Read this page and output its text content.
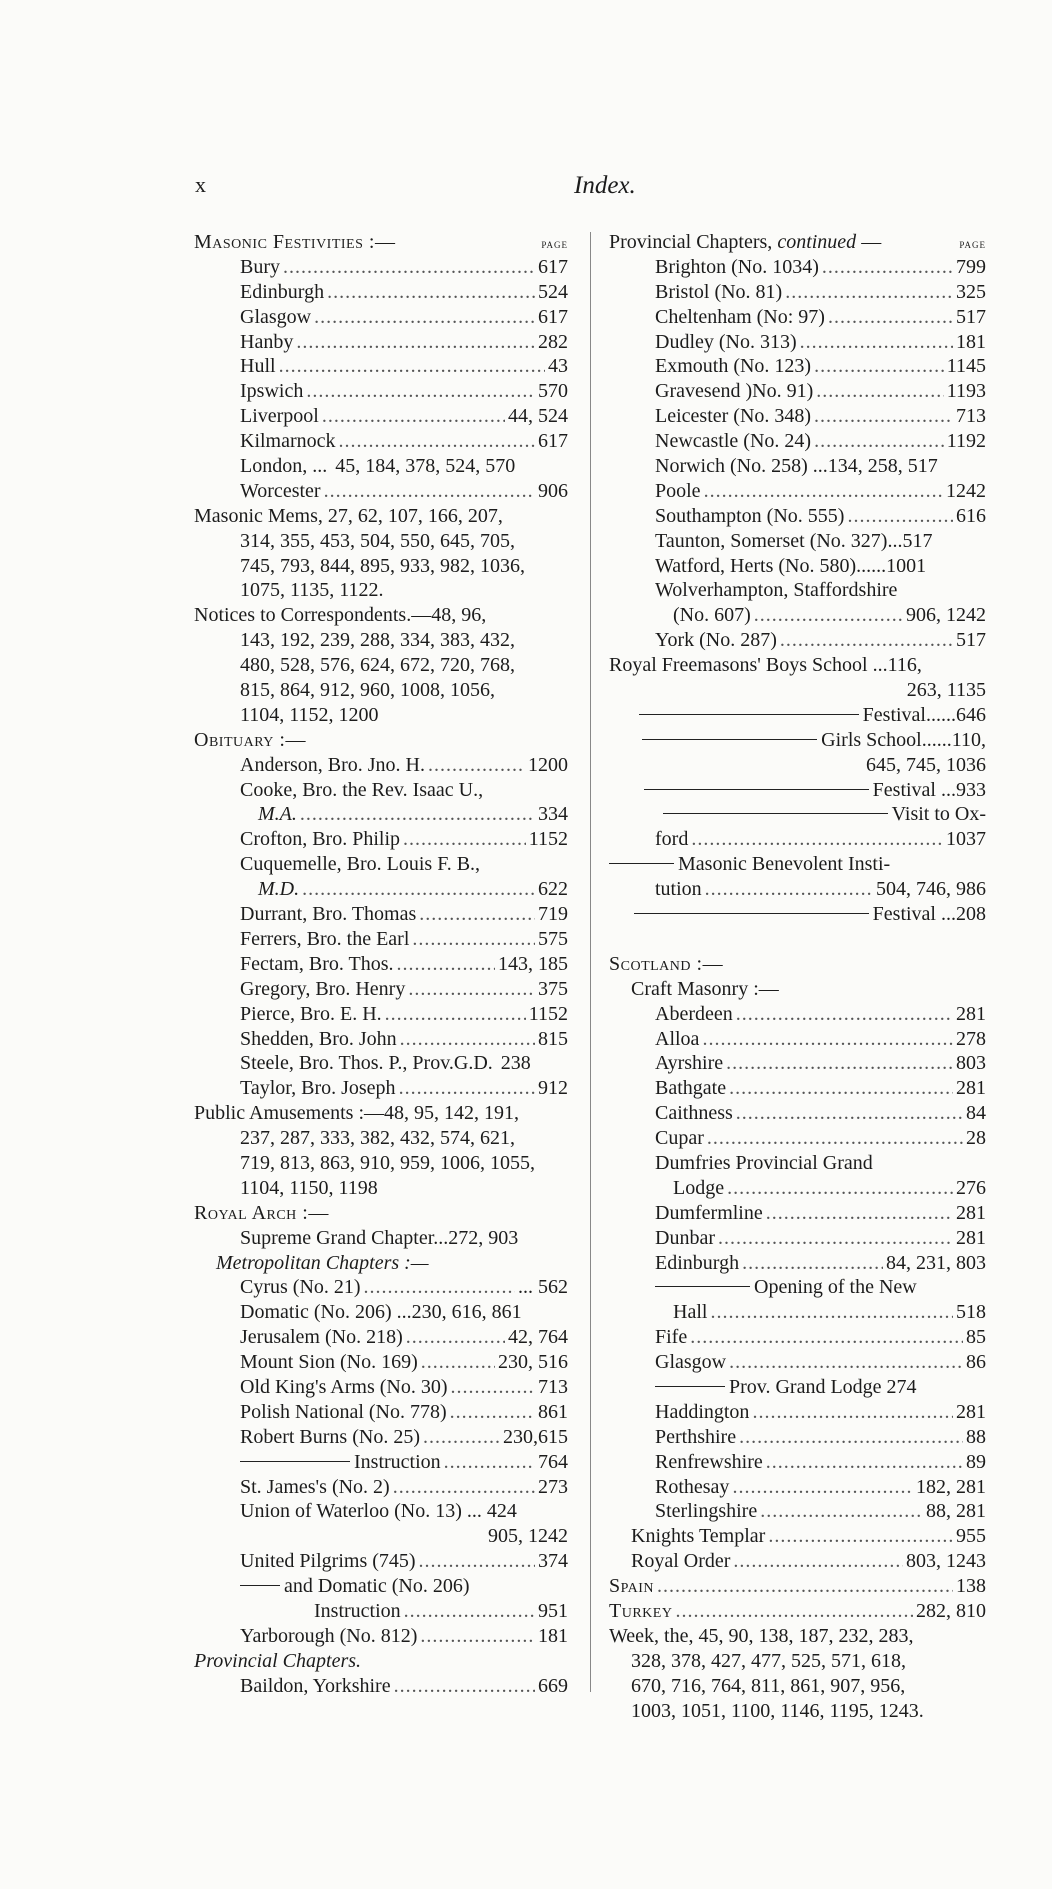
x	Index.
Masonic Festivities :—	page
Bury .....	617
Edinburgh .....	524
Glasgow .....	617
Hanby .....	282
Hull .....	43
Ipswich .....	570
Liverpool .....	44, 524
Kilmarnock .....	617
London, ... 45, 184, 378, 524, 570
Worcester .....	906
Masonic Mems, 27, 62, 107, 166, 207,
314, 355, 453, 504, 550, 645, 705,
745, 793, 844, 895, 933, 982, 1036,
1075, 1135, 1122.
Notices to Correspondents.—48, 96,
143, 192, 239, 288, 334, 383, 432,
480, 528, 576, 624, 672, 720, 768,
815, 864, 912, 960, 1008, 1056,
1104, 1152, 1200
Obituary :—
Anderson, Bro. Jno. H. .....	1200
Cooke, Bro. the Rev. Isaac U.,
M.A. .....	334
Crofton, Bro. Philip .....	1152
Cuquemelle, Bro. Louis F. B.,
M.D. .....	622
Durrant, Bro. Thomas .....	719
Ferrers, Bro. the Earl .....	575
Fectam, Bro. Thos. .....	143, 185
Gregory, Bro. Henry .....	375
Pierce, Bro. E. H. .....	1152
Shedden, Bro. John .....	815
Steele, Bro. Thos. P., Prov.G.D. 238
Taylor, Bro. Joseph .....	912
Public Amusements :—48, 95, 142, 191,
237, 287, 333, 382, 432, 574, 621,
719, 813, 863, 910, 959, 1006, 1055,
1104, 1150, 1198
Royal Arch :—
Supreme Grand Chapter...272, 903
Metropolitan Chapters :—
Cyrus (No. 21) .....	... 562
Domatic (No. 206) ...230, 616, 861
Jerusalem (No. 218) .....	42, 764
Mount Sion (No. 169) .....	230, 516
Old King's Arms (No. 30) .....	713
Polish National (No. 778) .....	861
Robert Burns (No. 25) .....	230,615
Instruction .....	764
St. James's (No. 2) .....	273
Union of Waterloo (No. 13) ... 424
905, 1242
United Pilgrims (745) .....	374
and Domatic (No. 206)
Instruction .....	951
Yarborough (No. 812) .....	181
Provincial Chapters.
Baildon, Yorkshire .....	669
Provincial Chapters, continued —	page
Brighton (No. 1034) .....	799
Bristol (No. 81) .....	325
Cheltenham (No: 97) .....	517
Dudley (No. 313) .....	181
Exmouth (No. 123) .....	1145
Gravesend )No. 91) .....	1193
Leicester (No. 348) .....	713
Newcastle (No. 24) .....	1192
Norwich (No. 258) ...134, 258, 517
Poole .....	1242
Southampton (No. 555) .....	616
Taunton, Somerset (No. 327)...517
Watford, Herts (No. 580)......1001
Wolverhampton, Staffordshire
(No. 607) .....	906, 1242
York (No. 287) .....	517
Royal Freemasons' Boys School ...116,
263, 1135
Festival......646
Girls School......110,
645, 745, 1036
Festival ...933
Visit to Ox-
ford .....	1037
Masonic Benevolent Insti-
tution .....	504, 746, 986
Festival ...208
Scotland :—
Craft Masonry :—
Aberdeen .....	281
Alloa .....	278
Ayrshire .....	803
Bathgate .....	281
Caithness .....	84
Cupar .....	28
Dumfries Provincial Grand
Lodge .....	276
Dumfermline .....	281
Dunbar .....	281
Edinburgh .....	84, 231, 803
Opening of the New
Hall .....	518
Fife .....	85
Glasgow .....	86
Prov. Grand Lodge 274
Haddington .....	281
Perthshire .....	88
Renfrewshire .....	89
Rothesay .....	182, 281
Sterlingshire .....	88, 281
Knights Templar .....	955
Royal Order .....	803, 1243
Spain .....	138
Turkey .....	282, 810
Week, the, 45, 90, 138, 187, 232, 283,
328, 378, 427, 477, 525, 571, 618,
670, 716, 764, 811, 861, 907, 956,
1003, 1051, 1100, 1146, 1195, 1243.
